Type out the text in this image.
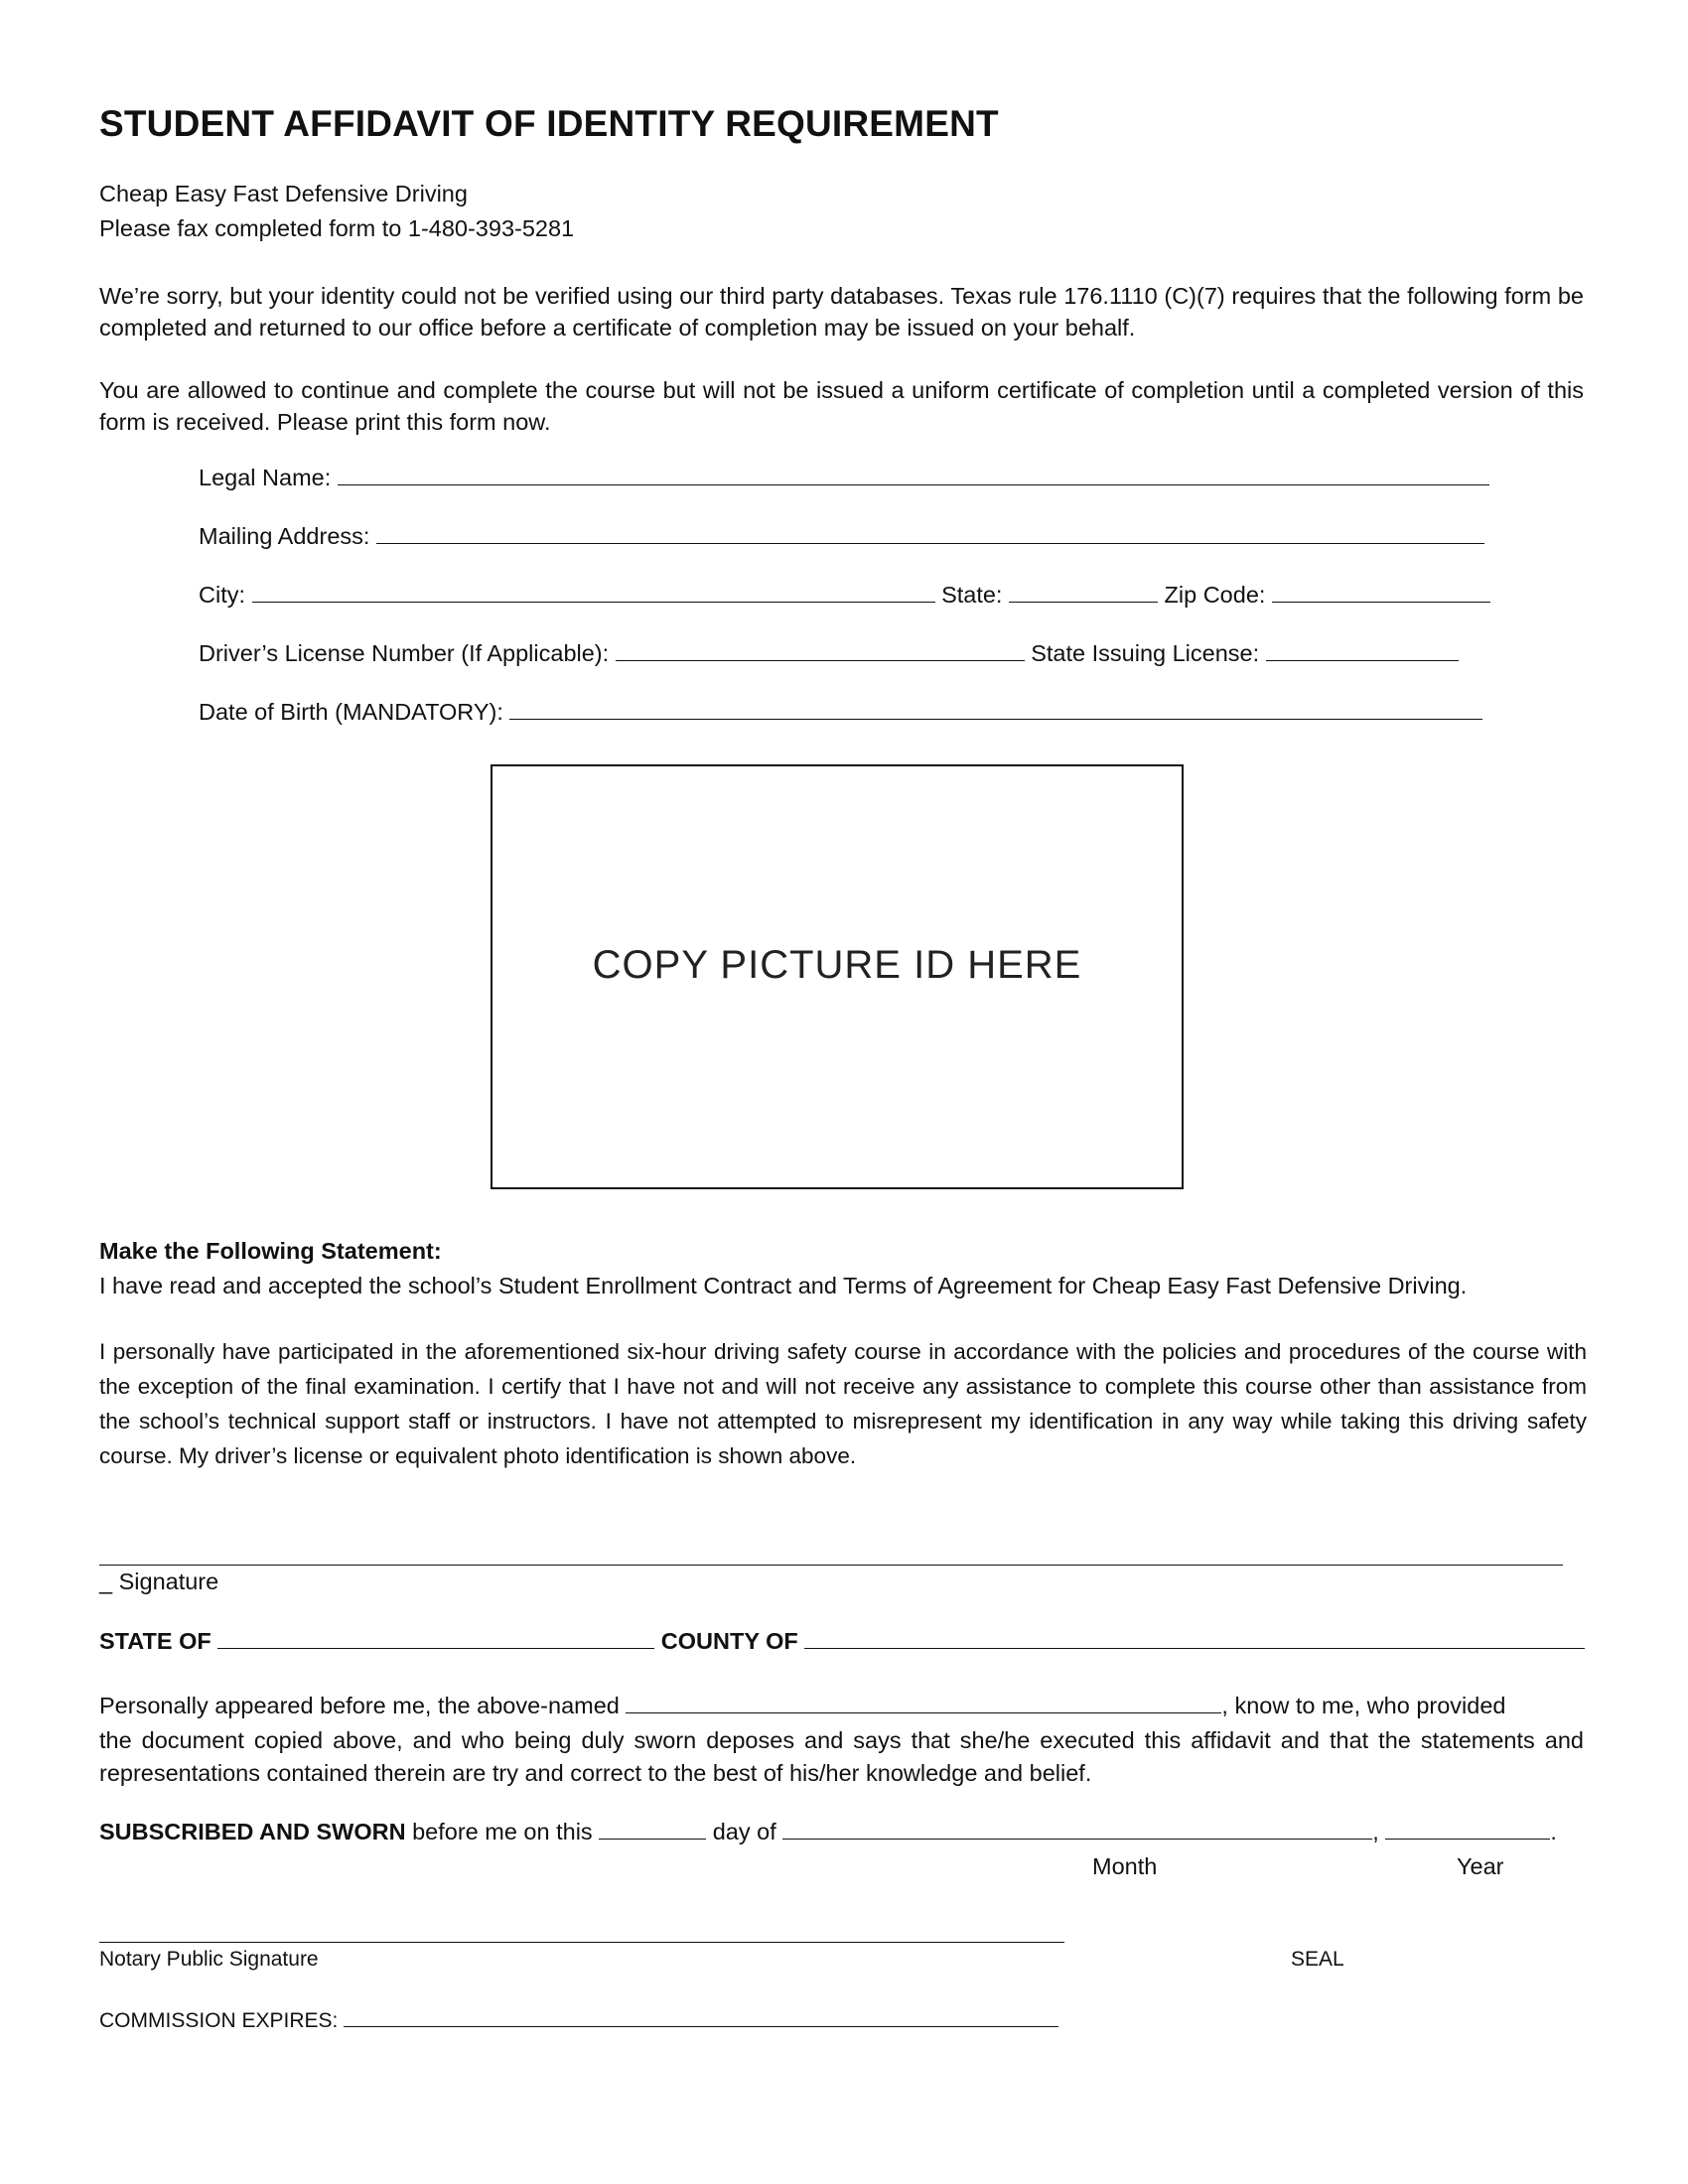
STUDENT AFFIDAVIT OF IDENTITY REQUIREMENT
Cheap Easy Fast Defensive Driving
Please fax completed form to 1-480-393-5281
We’re sorry, but your identity could not be verified using our third party databases. Texas rule 176.1110 (C)(7) requires that the following form be completed and returned to our office before a certificate of completion may be issued on your behalf.
You are allowed to continue and complete the course but will not be issued a uniform certificate of completion until a completed version of this form is received. Please print this form now.
Legal Name:
Mailing Address:
City:	State:	Zip Code:
Driver’s License Number (If Applicable):	State Issuing License:
Date of Birth (MANDATORY):
COPY PICTURE ID HERE
Make the Following Statement:
I have read and accepted the school’s Student Enrollment Contract and Terms of Agreement for Cheap Easy Fast Defensive Driving.
I personally have participated in the aforementioned six-hour driving safety course in accordance with the policies and procedures of the course with the exception of the final examination. I certify that I have not and will not receive any assistance to complete this course other than assistance from the school’s technical support staff or instructors. I have not attempted to misrepresent my identification in any way while taking this driving safety course. My driver’s license or equivalent photo identification is shown above.
_ Signature
STATE OF	COUNTY OF
Personally appeared before me, the above-named	, know to me, who provided
the document copied above, and who being duly sworn deposes and says that she/he executed this affidavit and that the statements and representations contained therein are try and correct to the best of his/her knowledge and belief.
SUBSCRIBED AND SWORN before me on this	day of	,	.
Month	Year
Notary Public Signature	SEAL
COMMISSION EXPIRES:
